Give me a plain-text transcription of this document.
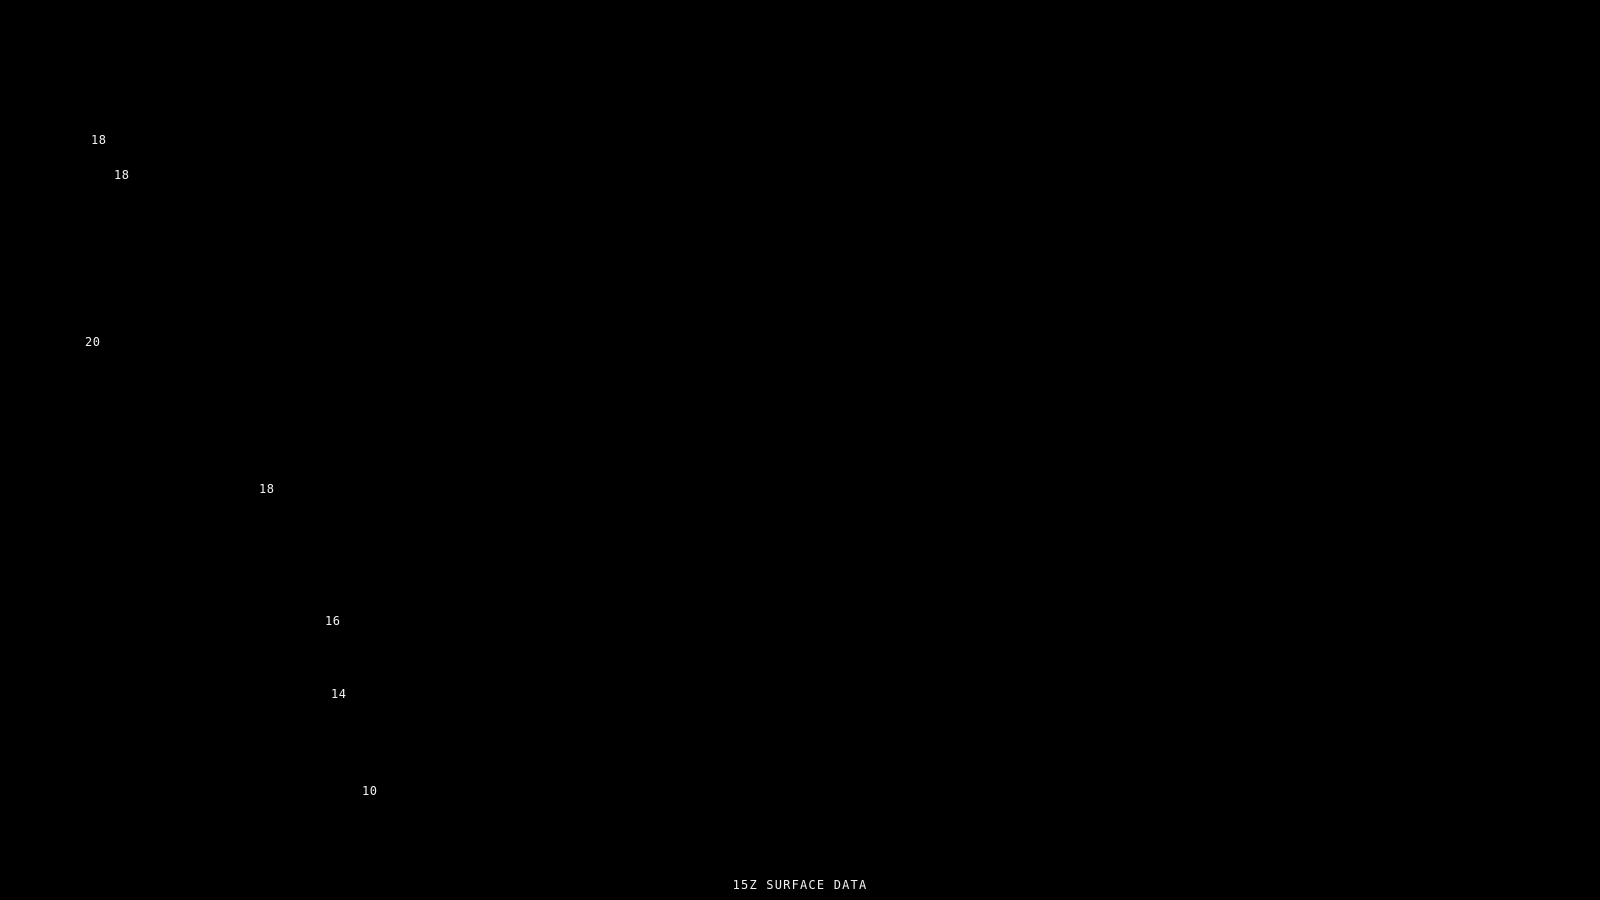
18
18
20
18
16
14
10
15Z SURFACE DATA
